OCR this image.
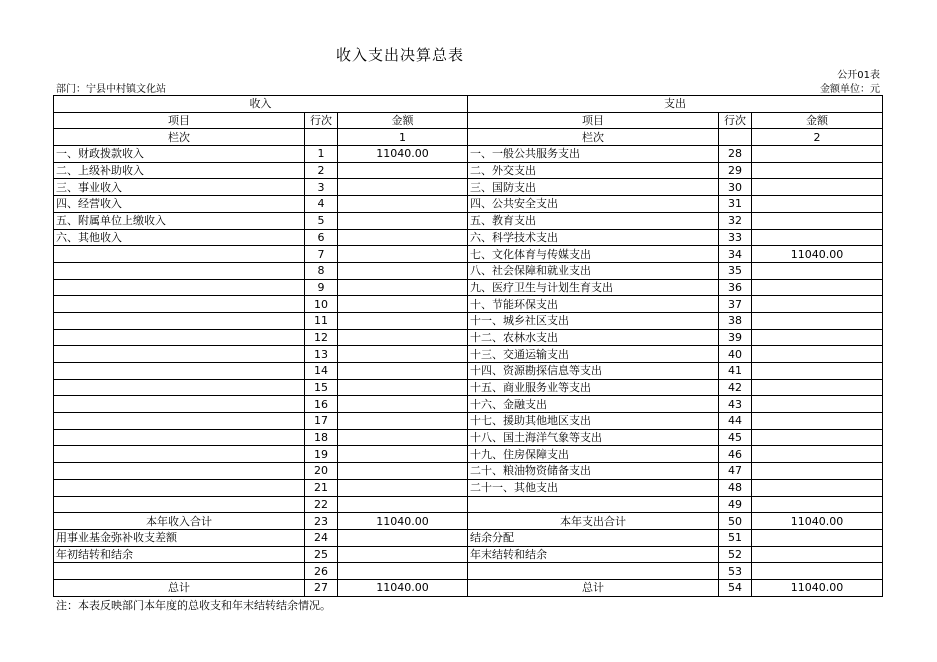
收入支出决算总表
公开01表
部门：宁县中村镇文化站	金额单位：元
收入			支出		
项目	行次	金额	项目	行次	金额
栏次		1	栏次		2
一、财政拨款收入	1	11040.00	一、一般公共服务支出	28	
二、上级补助收入	2		二、外交支出	29	
三、事业收入	3		三、国防支出	30	
四、经营收入	4		四、公共安全支出	31	
五、附属单位上缴收入	5		五、教育支出	32	
六、其他收入	6		六、科学技术支出	33	
	7		七、文化体育与传媒支出	34	11040.00
	8		八、社会保障和就业支出	35	
	9		九、医疗卫生与计划生育支出	36	
	10		十、节能环保支出	37	
	11		十一、城乡社区支出	38	
	12		十二、农林水支出	39	
	13		十三、交通运输支出	40	
	14		十四、资源勘探信息等支出	41	
	15		十五、商业服务业等支出	42	
	16		十六、金融支出	43	
	17		十七、援助其他地区支出	44	
	18		十八、国土海洋气象等支出	45	
	19		十九、住房保障支出	46	
	20		二十、粮油物资储备支出	47	
	21		二十一、其他支出	48	
	22			49	
本年收入合计	23	11040.00	本年支出合计	50	11040.00
用事业基金弥补收支差额	24		结余分配	51	
年初结转和结余	25		年末结转和结余	52	
	26			53	
总计	27	11040.00	总计	54	11040.00
注：本表反映部门本年度的总收支和年末结转结余情况。
